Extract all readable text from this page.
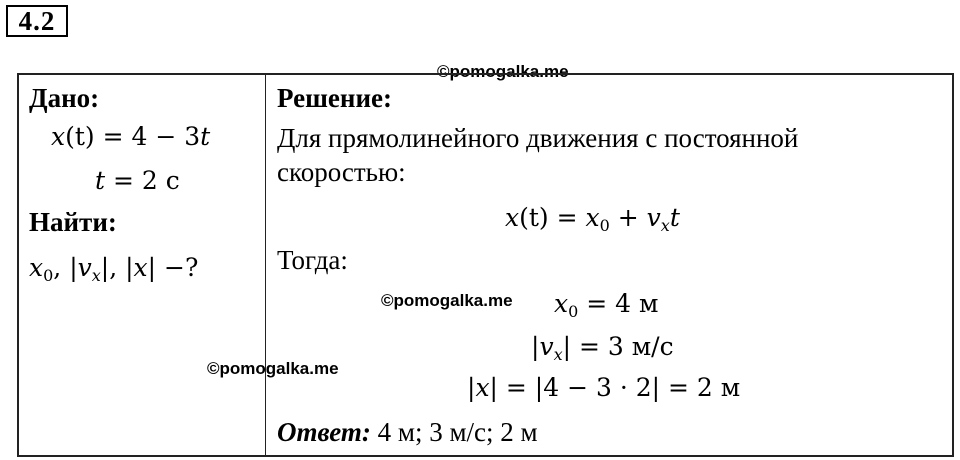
4.2
©pomogalka.me
Дано:
x(t) = 4 − 3t
t = 2 с
Найти:
$x_0$, $|v_x|$, |x| −?
Решение:
Для прямолинейного движения с постоянной
скоростью:
$x(t) = x_0 + v_xt$
Тогда:
$x_0 = 4$ м
$|v_x| = 3$ м/с
|x| = |4 − 3 · 2| = 2 м
Ответ: 4 м; 3 м/с; 2 м
©pomogalka.me
©pomogalka.me
